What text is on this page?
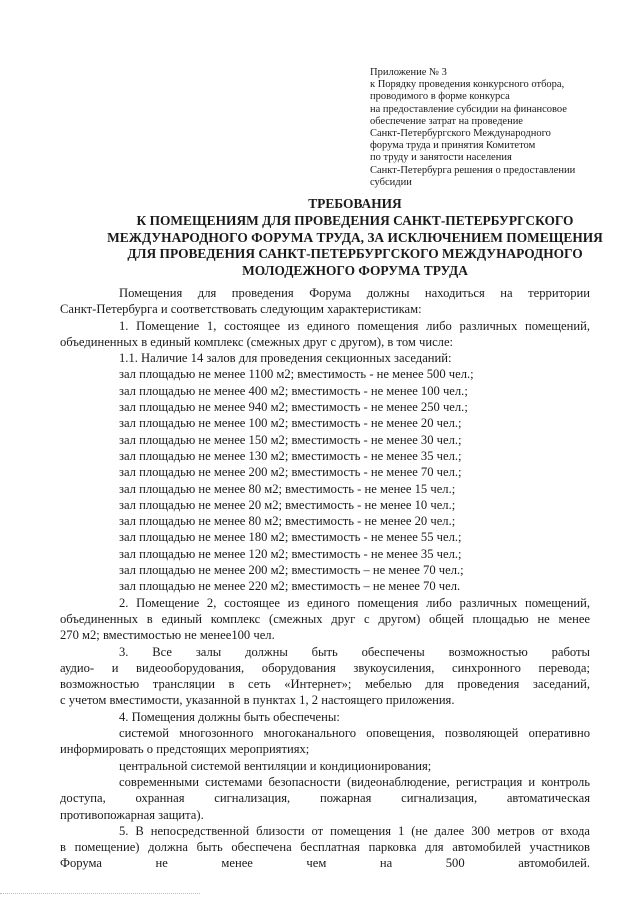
Приложение № 3
к Порядку проведения конкурсного отбора,
проводимого в форме конкурса
на предоставление субсидии на финансовое
обеспечение затрат на проведение
Санкт-Петербургского Международного
форума труда и принятия Комитетом
по труду и занятости населения
Санкт-Петербурга решения о предоставлении
субсидии
ТРЕБОВАНИЯ
К ПОМЕЩЕНИЯМ ДЛЯ ПРОВЕДЕНИЯ САНКТ-ПЕТЕРБУРГСКОГО
МЕЖДУНАРОДНОГО ФОРУМА ТРУДА, ЗА ИСКЛЮЧЕНИЕМ ПОМЕЩЕНИЯ
ДЛЯ ПРОВЕДЕНИЯ САНКТ-ПЕТЕРБУРГСКОГО МЕЖДУНАРОДНОГО
МОЛОДЕЖНОГО ФОРУМА ТРУДА
Помещения для проведения Форума должны находиться на территории
Санкт-Петербурга и соответствовать следующим характеристикам:
1. Помещение 1, состоящее из единого помещения либо различных помещений,
объединенных в единый комплекс (смежных друг с другом), в том числе:
1.1. Наличие 14 залов для проведения секционных заседаний:
зал площадью не менее 1100 м2; вместимость - не менее 500 чел.;
зал площадью не менее 400 м2; вместимость - не менее 100 чел.;
зал площадью не менее 940 м2; вместимость - не менее 250 чел.;
зал площадью не менее 100 м2; вместимость - не менее 20 чел.;
зал площадью не менее 150 м2; вместимость - не менее 30 чел.;
зал площадью не менее 130 м2; вместимость - не менее 35 чел.;
зал площадью не менее 200 м2; вместимость - не менее 70 чел.;
зал площадью не менее 80 м2; вместимость - не менее 15 чел.;
зал площадью не менее 20 м2; вместимость - не менее 10 чел.;
зал площадью не менее 80 м2; вместимость - не менее 20 чел.;
зал площадью не менее 180 м2; вместимость - не менее 55 чел.;
зал площадью не менее 120 м2; вместимость - не менее 35 чел.;
зал площадью не менее 200 м2; вместимость – не менее 70 чел.;
зал площадью не менее 220 м2; вместимость – не менее 70 чел.
2. Помещение 2, состоящее из единого помещения либо различных помещений,
объединенных в единый комплекс (смежных друг с другом) общей площадью не менее
270 м2; вместимостью не менее100 чел.
3. Все залы должны быть обеспечены возможностью работы
аудио- и видеооборудования, оборудования звукоусиления, синхронного перевода;
возможностью трансляции в сеть «Интернет»; мебелью для проведения заседаний,
с учетом вместимости, указанной в пунктах 1, 2 настоящего приложения.
4. Помещения должны быть обеспечены:
системой многозонного многоканального оповещения, позволяющей оперативно
информировать о предстоящих мероприятиях;
центральной системой вентиляции и кондиционирования;
современными системами безопасности (видеонаблюдение, регистрация и контроль
доступа, охранная сигнализация, пожарная сигнализация, автоматическая
противопожарная защита).
5. В непосредственной близости от помещения 1 (не далее 300 метров от входа
в помещение) должна быть обеспечена бесплатная парковка для автомобилей участников
Форума не менее чем на 500 автомобилей.
